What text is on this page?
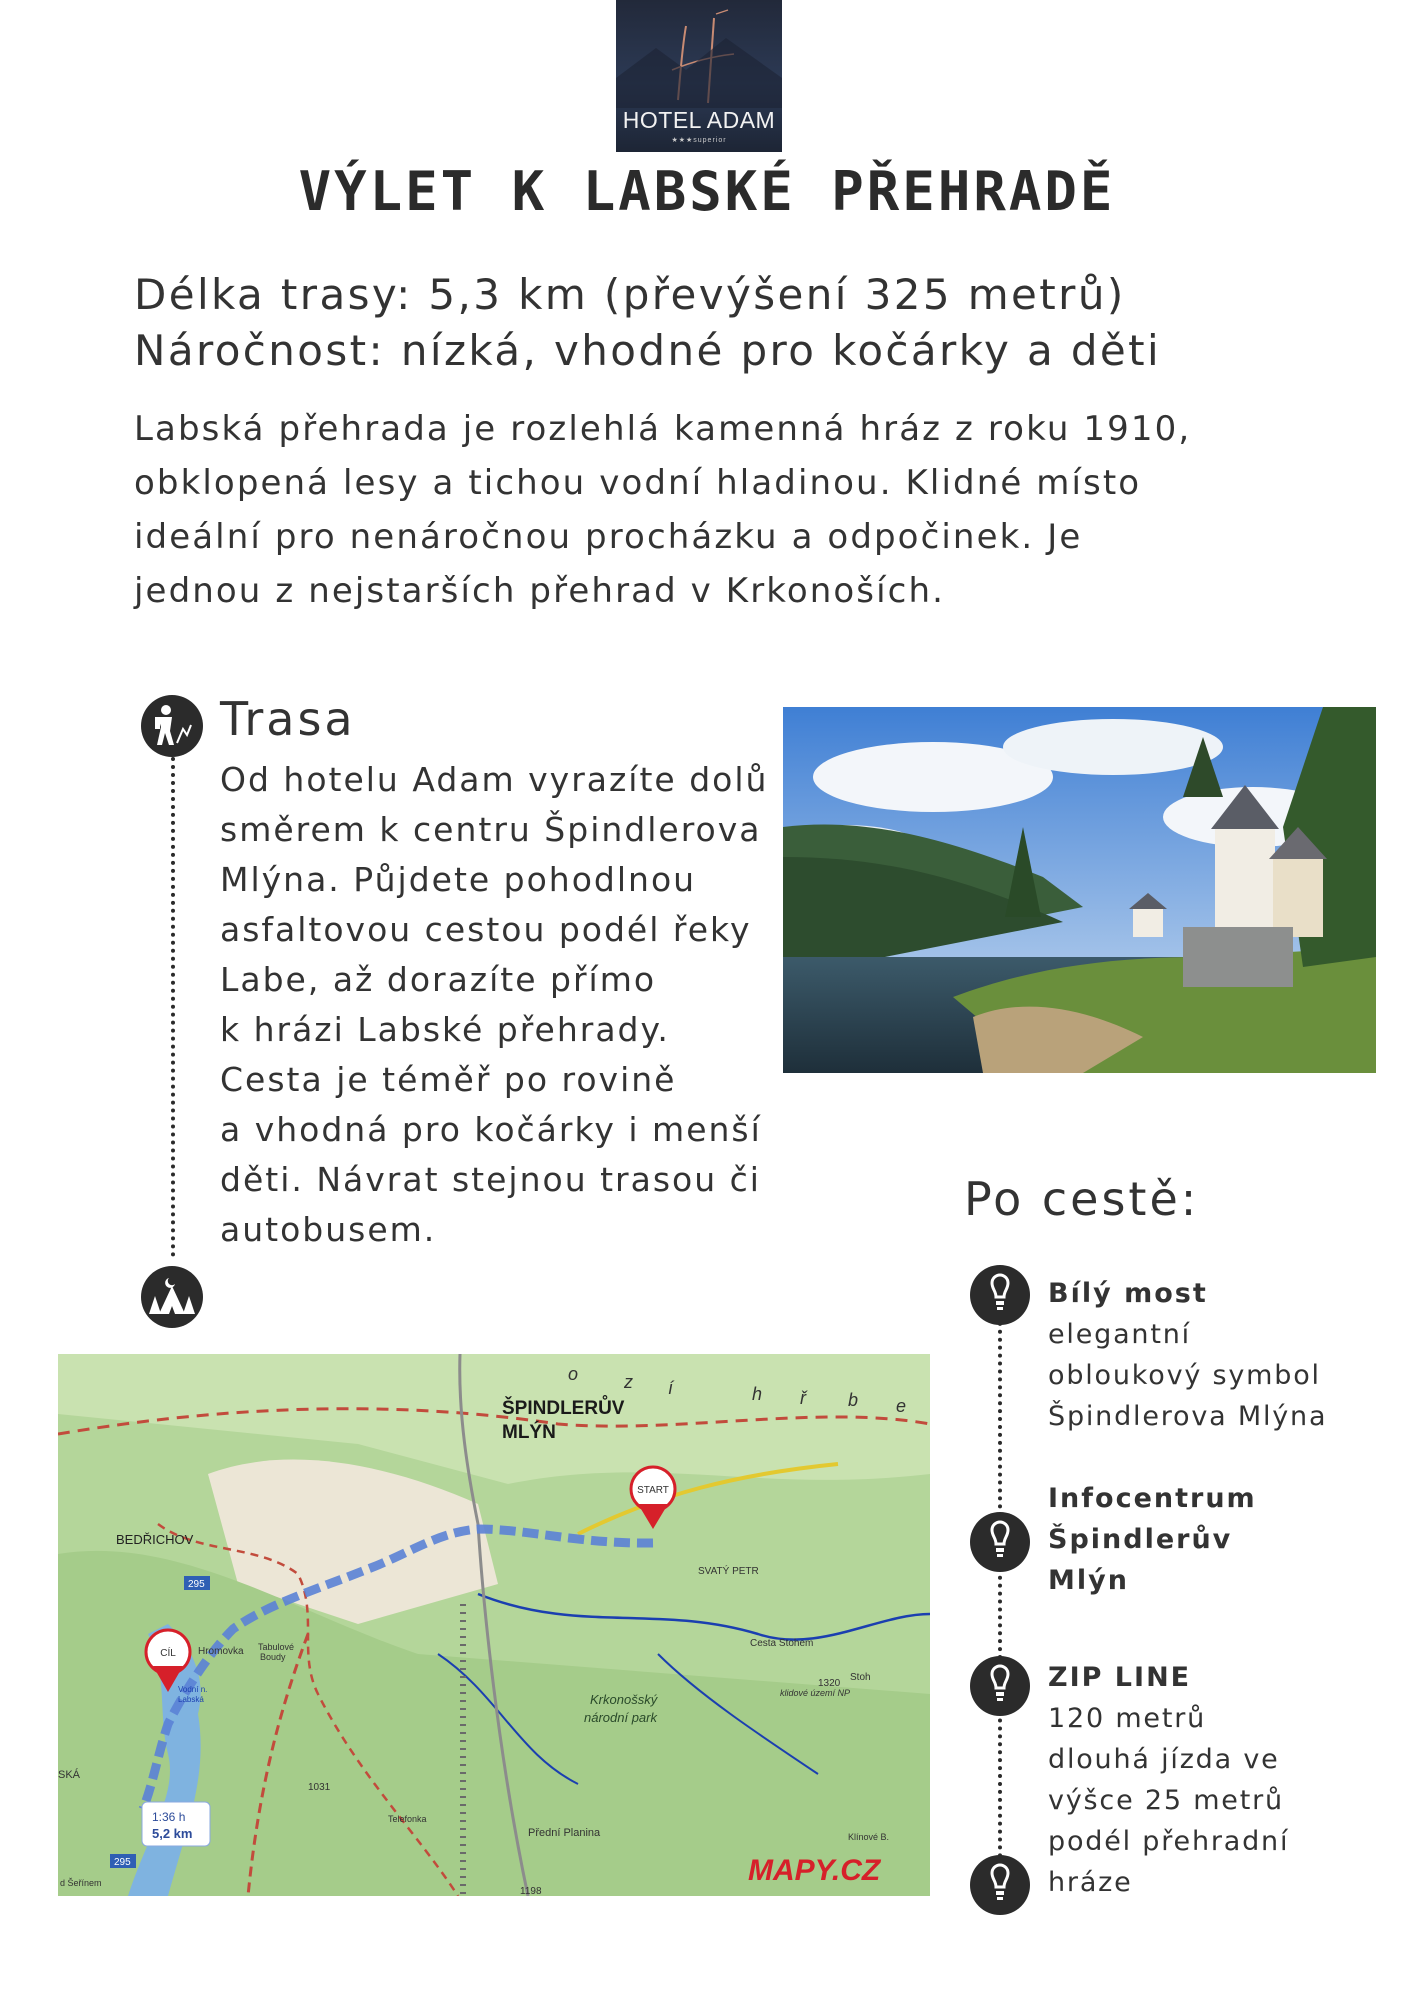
HOTEL ADAM
★★★superior
VÝLET K LABSKÉ PŘEHRADĚ
Délka trasy: 5,3 km (převýšení 325 metrů)
Náročnost: nízká, vhodné pro kočárky a děti
Labská přehrada je rozlehlá kamenná hráz z roku 1910,
obklopená lesy a tichou vodní hladinou. Klidné místo
ideální pro nenáročnou procházku a odpočinek. Je
jednou z nejstarších přehrad v Krkonoších.
Trasa
Od hotelu Adam vyrazíte dolů
směrem k centru Špindlerova
Mlýna. Půjdete pohodlnou
asfaltovou cestou podél řeky
Labe, až dorazíte přímo
k hrázi Labské přehrady.
Cesta je téměř po rovině
a vhodná pro kočárky i menší
děti. Návrat stejnou trasou či
autobusem.
Po cestě:
Bílý most
elegantní
obloukový symbol
Špindlerova Mlýna
Infocentrum
Špindlerův
Mlýn
ZIP LINE
120 metrů
dlouhá jízda ve
výšce 25 metrů
podél přehradní
hráze
1:36 h
5,2 km
START
CÍL
ŠPINDLERŮV
MLÝN
BEDŘICHOV
SVATÝ PETR
Krkonošský
národní park
Hromovka
Přední Planina
o	z í	h ř b e
295
295
1031
1198
1320
Stoh
Cesta Stohem
klidové území NP
Tabulové
Boudy
Vodní n.
Labská
d Šeřínem
SKÁ
Telefonka
Klínové B.
MAPY.CZ
